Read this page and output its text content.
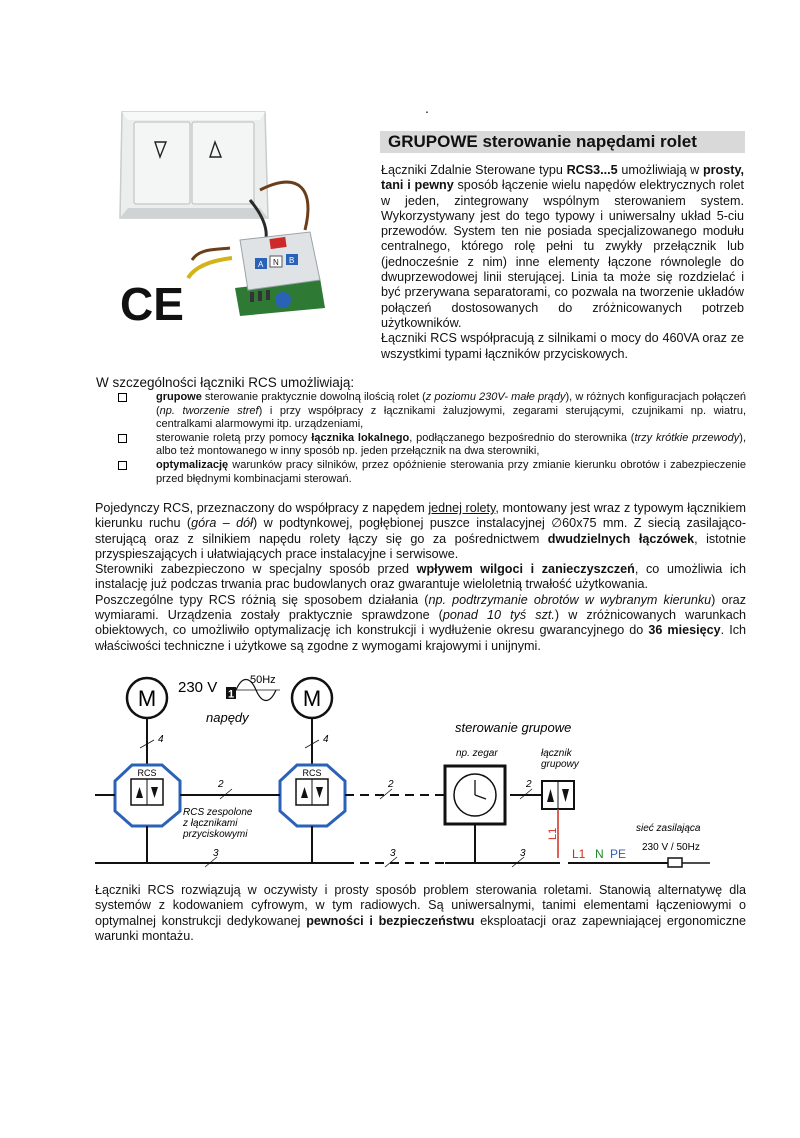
.
A N B
CE
GRUPOWE sterowanie napędami rolet

Łączniki Zdalnie Sterowane typu RCS3...5 umożliwiają w prosty, tani i pewny sposób łączenie wielu napędów elektrycznych rolet w jeden, zintegrowany wspólnym sterowaniem system. Wykorzystywany jest do tego typowy i uniwersalny układ 5-ciu przewodów. System ten nie posiada specjalizowanego modułu centralnego, którego rolę pełni tu zwykły przełącznik lub (jednocześnie z nim) inne elementy łączone równolegle do dwuprzewodowej linii sterującej. Linia ta może się rozdzielać i być przerywana separatorami, co pozwala na tworzenie układów połączeń dostosowanych do zróżnicowanych potrzeb użytkowników.

Łączniki RCS współpracują z silnikami o mocy do 460VA oraz ze wszystkimi typami łączników przyciskowych.

W szczególności łączniki RCS umożliwiają:
grupowe sterowanie praktycznie dowolną ilością rolet (z poziomu 230V- małe prądy), w różnych konfiguracjach połączeń (np. tworzenie stref) i przy współpracy z łącznikami żaluzjowymi, zegarami sterującymi, czujnikami np. wiatru, centralkami alarmowymi itp. urządzeniami,
sterowanie roletą przy pomocy łącznika lokalnego, podłączanego bezpośrednio do sterownika (trzy krótkie przewody), albo też montowanego w inny sposób np. jeden przełącznik na dwa sterowniki,
optymalizację warunków pracy silników, przez opóźnienie sterowania przy zmianie kierunku obrotów i zabezpieczenie przed błędnymi kombinacjami sterowań.

Pojedynczy RCS, przeznaczony do współpracy z napędem jednej rolety, montowany jest wraz z typowym łącznikiem kierunku ruchu (góra – dół) w podtynkowej, pogłębionej puszce instalacyjnej ∅60x75 mm. Z siecią zasilająco-sterującą oraz z silnikiem napędu rolety łączy się go za pośrednictwem dwudzielnych łączówek, istotnie przyspieszających i ułatwiających prace instalacyjne i serwisowe.

Sterowniki zabezpieczono w specjalny sposób przed wpływem wilgoci i zanieczyszczeń, co umożliwia ich instalację już podczas trwania prac budowlanych oraz gwarantuje wieloletnią trwałość użytkowania.

Poszczególne typy RCS różnią się sposobem działania (np. podtrzymanie obrotów w wybranym kierunku) oraz wymiarami. Urządzenia zostały praktycznie sprawdzone (ponad 10 tyś szt.) w zróżnicowanych warunkach obiektowych, co umożliwiło optymalizację ich konstrukcji i wydłużenie okresu gwarancyjnego do 36 miesięcy. Ich właściwości techniczne i użytkowe są zgodne z wymogami krajowymi i unijnymi.

M	M
230 V 1
50Hz
napędy
4	4
RCS	RCS
2	2	2
3	3	3
RCS zespolone
z łącznikami
przyciskowymi
sterowanie grupowe
np. zegar	łącznik
grupowy
L1	sieć zasilająca
230 V / 50Hz
L1 N PE

Łączniki RCS rozwiązują w oczywisty i prosty sposób problem sterowania roletami. Stanowią alternatywę dla systemów z kodowaniem cyfrowym, w tym radiowych. Są uniwersalnymi, tanimi elementami łączeniowymi o optymalnej konstrukcji dedykowanej pewności i bezpieczeństwu eksploatacji oraz zapewniającej ergonomiczne warunki montażu.
